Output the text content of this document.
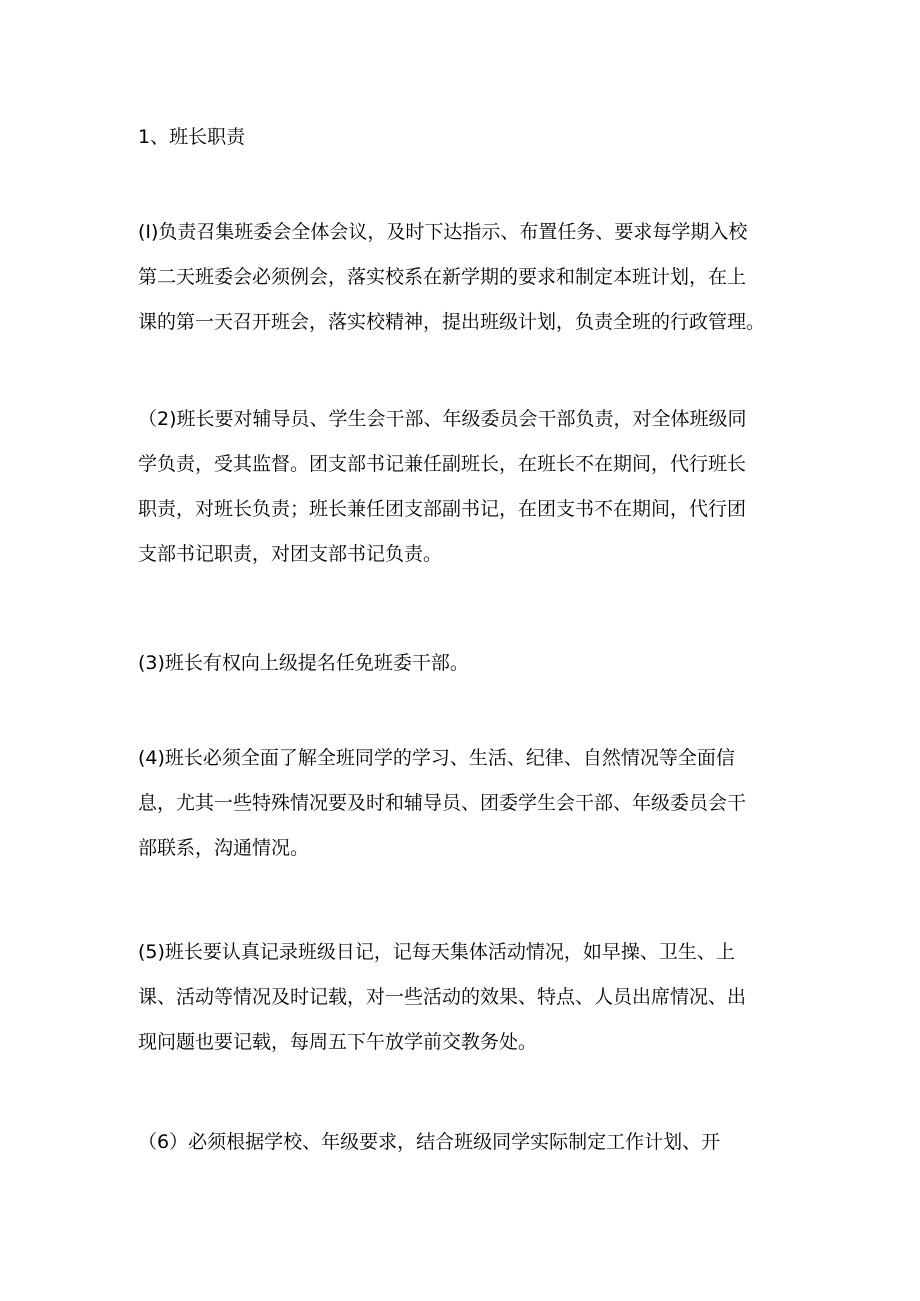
1、班长职责

(I)负责召集班委会全体会议，及时下达指示、布置任务、要求每学期入校
第二天班委会必须例会，落实校系在新学期的要求和制定本班计划，在上
课的第一天召开班会，落实校精神，提出班级计划，负责全班的行政管理。

（2)班长要对辅导员、学生会干部、年级委员会干部负责，对全体班级同
学负责，受其监督。团支部书记兼任副班长，在班长不在期间，代行班长
职责，对班长负责；班长兼任团支部副书记，在团支书不在期间，代行团
支部书记职责，对团支部书记负责。

(3)班长有权向上级提名任免班委干部。

(4)班长必须全面了解全班同学的学习、生活、纪律、自然情况等全面信
息，尤其一些特殊情况要及时和辅导员、团委学生会干部、年级委员会干
部联系，沟通情况。

(5)班长要认真记录班级日记，记每天集体活动情况，如早操、卫生、上
课、活动等情况及时记载，对一些活动的效果、特点、人员出席情况、出
现问题也要记载，每周五下午放学前交教务处。

（6）必须根据学校、年级要求，结合班级同学实际制定工作计划、开
